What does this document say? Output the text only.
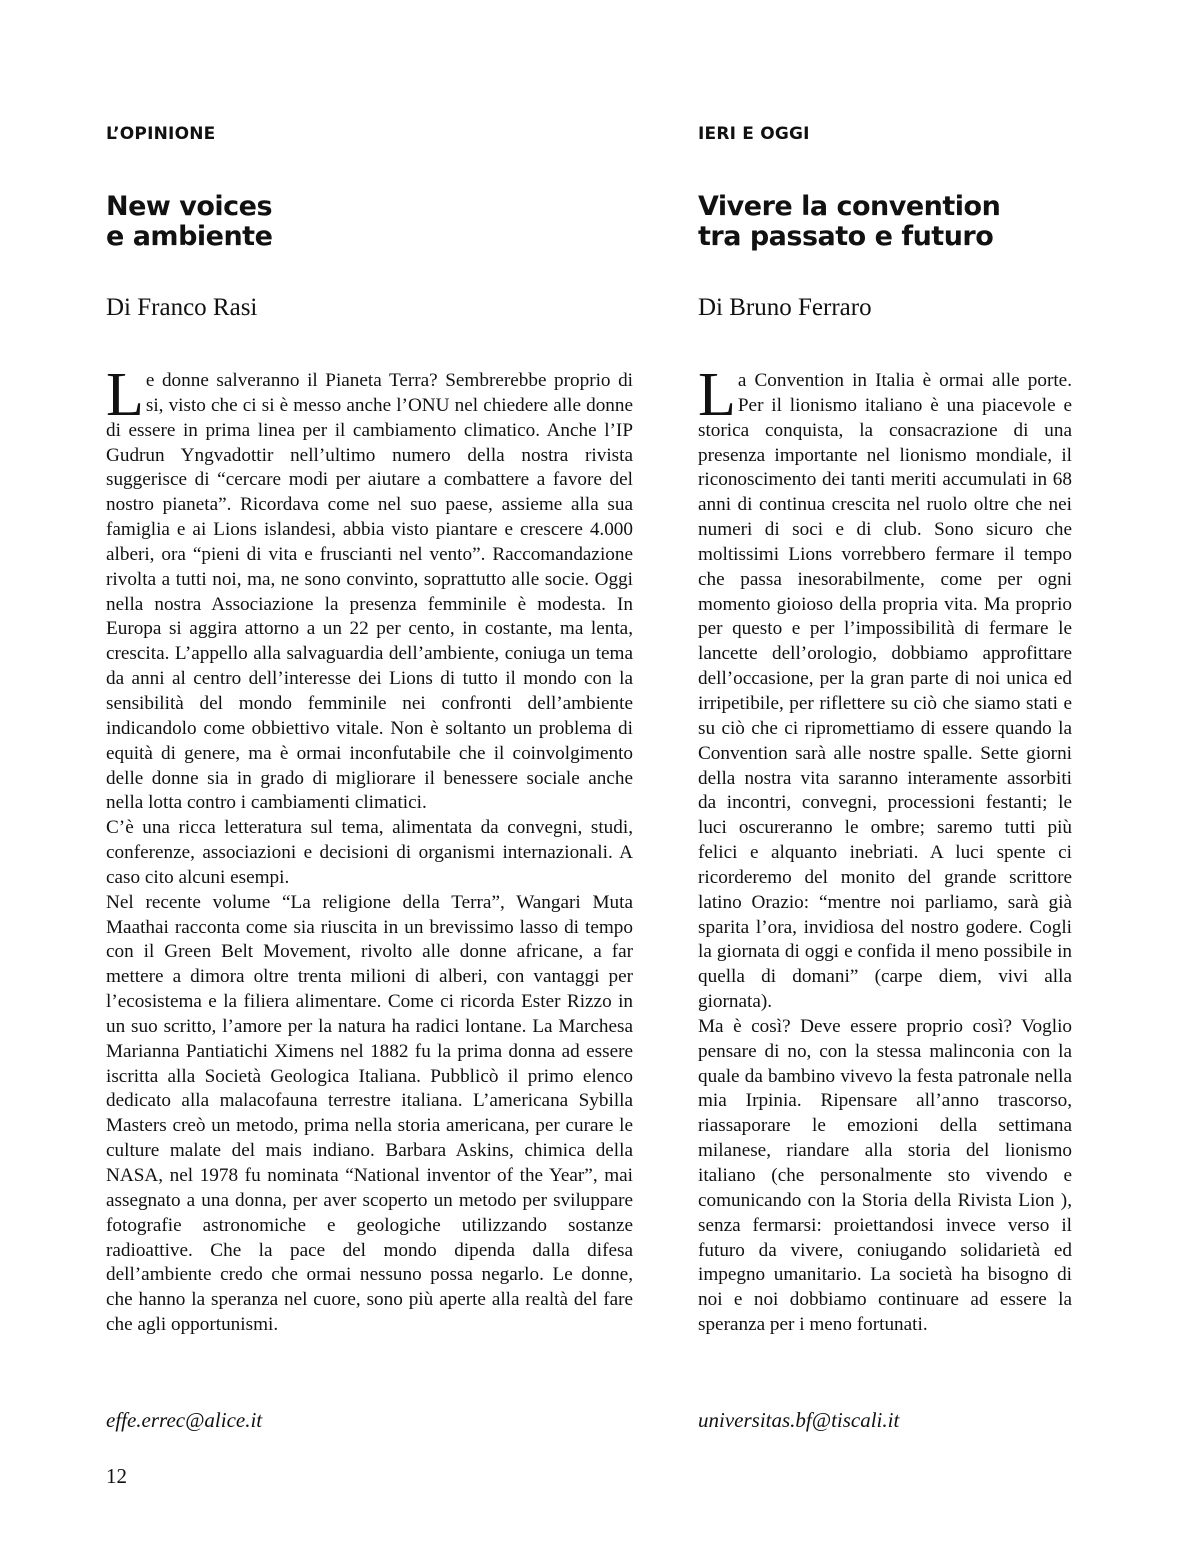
L’OPINIONE
New voices
e ambiente
Di Franco Rasi

Le donne salveranno il Pianeta Terra? Sembrerebbe proprio di si, visto che ci si è messo anche l’ONU nel chiedere alle donne di essere in prima linea per il cambiamento climatico. Anche l’IP Gudrun Yngvadottir nell’ultimo numero della nostra rivista suggerisce di “cercare modi per aiutare a combattere a favore del nostro pianeta”. Ricordava come nel suo paese, assieme alla sua famiglia e ai Lions islandesi, abbia visto piantare e crescere 4.000 alberi, ora “pieni di vita e fruscianti nel vento”. Raccomandazione rivolta a tutti noi, ma, ne sono convinto, soprattutto alle socie. Oggi nella nostra Associazione la presenza femminile è modesta. In Europa si aggira attorno a un 22 per cento, in costante, ma lenta, crescita. L’appello alla salvaguardia dell’ambiente, coniuga un tema da anni al centro dell’interesse dei Lions di tutto il mondo con la sensibilità del mondo femminile nei confronti dell’ambiente indicandolo come obbiettivo vitale. Non è soltanto un problema di equità di genere, ma è ormai inconfutabile che il coinvolgimento delle donne sia in grado di migliorare il benessere sociale anche nella lotta contro i cambiamenti climatici.

C’è una ricca letteratura sul tema, alimentata da convegni, studi, conferenze, associazioni e decisioni di organismi internazionali. A caso cito alcuni esempi.

Nel recente volume “La religione della Terra”, Wangari Muta Maathai racconta come sia riuscita in un brevissimo lasso di tempo con il Green Belt Movement, rivolto alle donne africane, a far mettere a dimora oltre trenta milioni di alberi, con vantaggi per l’ecosistema e la filiera alimentare. Come ci ricorda Ester Rizzo in un suo scritto, l’amore per la natura ha radici lontane. La Marchesa Marianna Pantiatichi Ximens nel 1882 fu la prima donna ad essere iscritta alla Società Geologica Italiana. Pubblicò il primo elenco dedicato alla malacofauna terrestre italiana. L’americana Sybilla Masters creò un metodo, prima nella storia americana, per curare le culture malate del mais indiano. Barbara Askins, chimica della NASA, nel 1978 fu nominata “National inventor of the Year”, mai assegnato a una donna, per aver scoperto un metodo per sviluppare fotografie astronomiche e geologiche utilizzando sostanze radioattive. Che la pace del mondo dipenda dalla difesa dell’ambiente credo che ormai nessuno possa negarlo. Le donne, che hanno la speranza nel cuore, sono più aperte alla realtà del fare che agli opportunismi.

effe.errec@alice.it
IERI E OGGI
Vivere la convention
tra passato e futuro
Di Bruno Ferraro

La Convention in Italia è ormai alle porte. Per il lionismo italiano è una piacevole e storica conquista, la consacrazione di una presenza importante nel lionismo mondiale, il riconoscimento dei tanti meriti accumulati in 68 anni di continua crescita nel ruolo oltre che nei numeri di soci e di club. Sono sicuro che moltissimi Lions vorrebbero fermare il tempo che passa inesorabilmente, come per ogni momento gioioso della propria vita. Ma proprio per questo e per l’impossibilità di fermare le lancette dell’orologio, dobbiamo approfittare dell’occasione, per la gran parte di noi unica ed irripetibile, per riflettere su ciò che siamo stati e su ciò che ci ripromettiamo di essere quando la Convention sarà alle nostre spalle. Sette giorni della nostra vita saranno interamente assorbiti da incontri, convegni, processioni festanti; le luci oscureranno le ombre; saremo tutti più felici e alquanto inebriati. A luci spente ci ricorderemo del monito del grande scrittore latino Orazio: “mentre noi parliamo, sarà già sparita l’ora, invidiosa del nostro godere. Cogli la giornata di oggi e confida il meno possibile in quella di domani” (carpe diem, vivi alla giornata).

Ma è così? Deve essere proprio così? Voglio pensare di no, con la stessa malinconia con la quale da bambino vivevo la festa patronale nella mia Irpinia. Ripensare all’anno trascorso, riassaporare le emozioni della settimana milanese, riandare alla storia del lionismo italiano (che personalmente sto vivendo e comunicando con la Storia della Rivista Lion ), senza fermarsi: proiettandosi invece verso il futuro da vivere, coniugando solidarietà ed impegno umanitario. La società ha bisogno di noi e noi dobbiamo continuare ad essere la speranza per i meno fortunati.

universitas.bf@tiscali.it
12
